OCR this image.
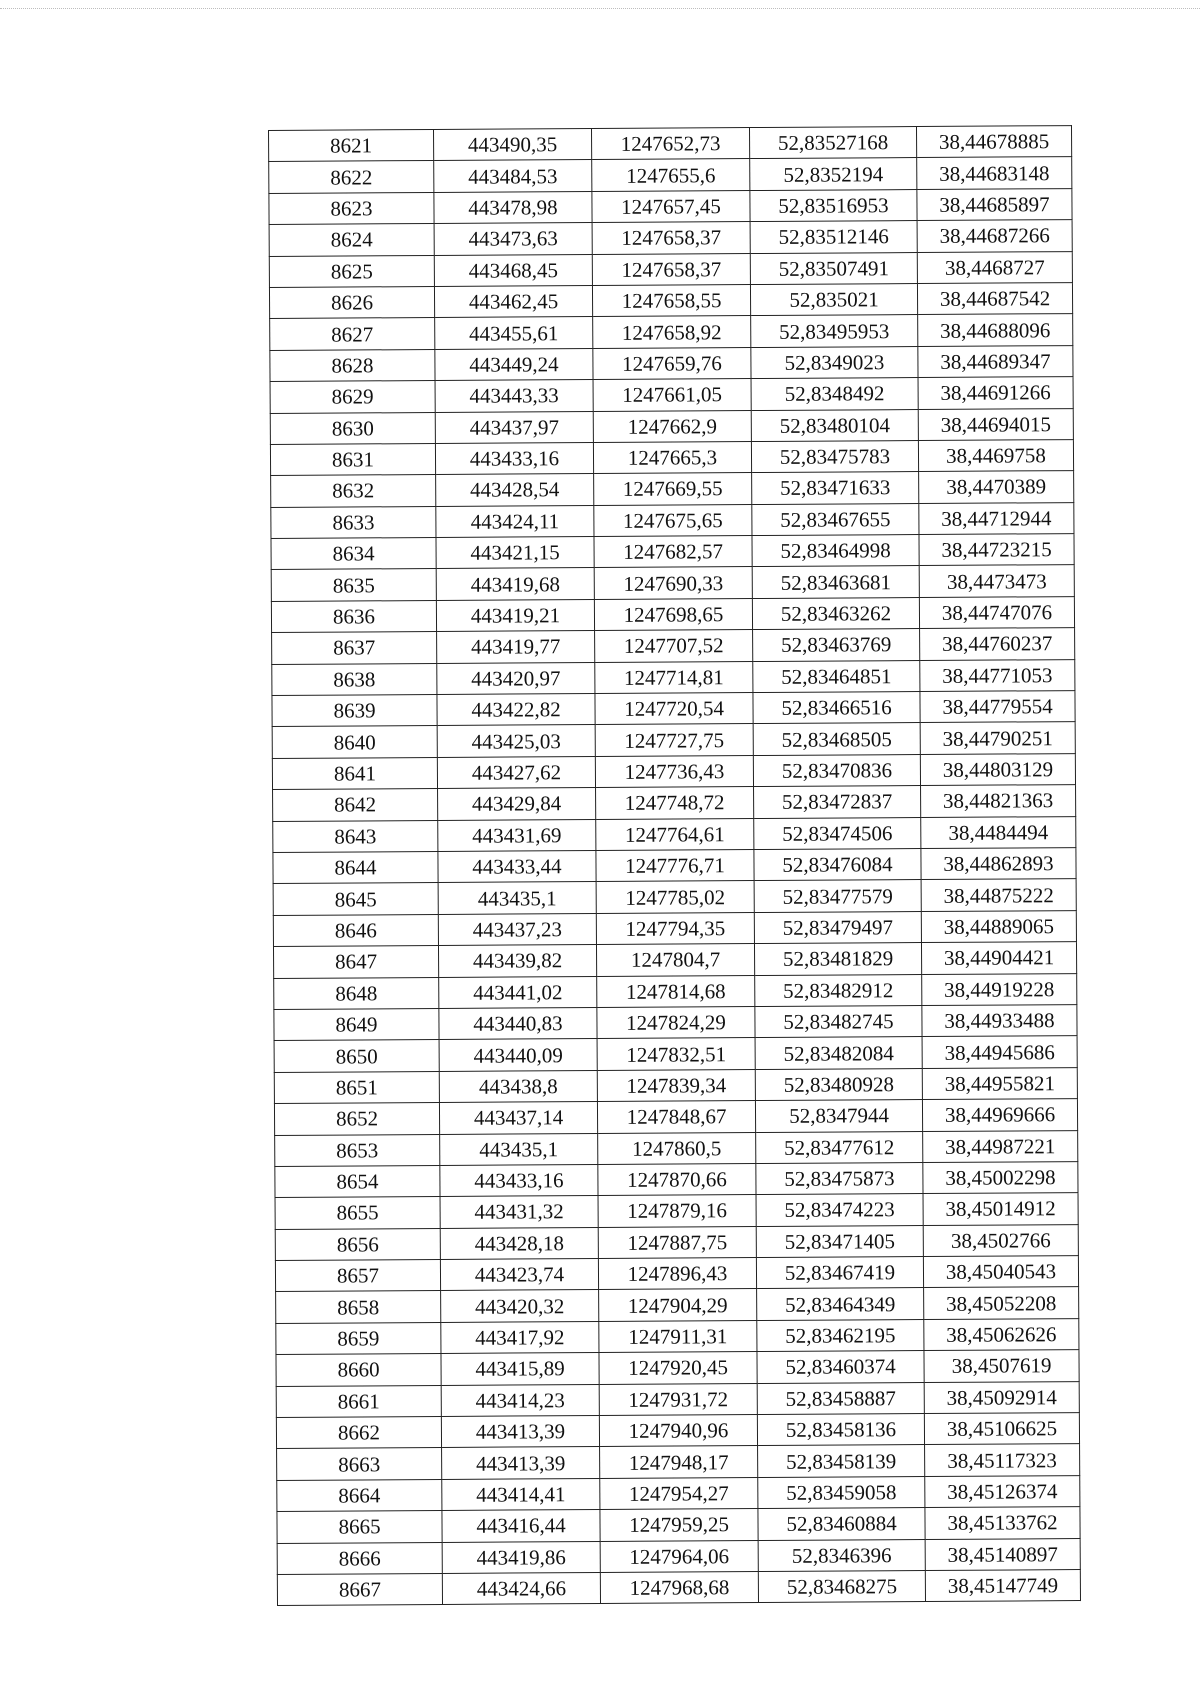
8621	443490,35	1247652,73	52,83527168	38,44678885
8622	443484,53	1247655,6	52,8352194	38,44683148
8623	443478,98	1247657,45	52,83516953	38,44685897
8624	443473,63	1247658,37	52,83512146	38,44687266
8625	443468,45	1247658,37	52,83507491	38,4468727
8626	443462,45	1247658,55	52,835021	38,44687542
8627	443455,61	1247658,92	52,83495953	38,44688096
8628	443449,24	1247659,76	52,8349023	38,44689347
8629	443443,33	1247661,05	52,8348492	38,44691266
8630	443437,97	1247662,9	52,83480104	38,44694015
8631	443433,16	1247665,3	52,83475783	38,4469758
8632	443428,54	1247669,55	52,83471633	38,4470389
8633	443424,11	1247675,65	52,83467655	38,44712944
8634	443421,15	1247682,57	52,83464998	38,44723215
8635	443419,68	1247690,33	52,83463681	38,4473473
8636	443419,21	1247698,65	52,83463262	38,44747076
8637	443419,77	1247707,52	52,83463769	38,44760237
8638	443420,97	1247714,81	52,83464851	38,44771053
8639	443422,82	1247720,54	52,83466516	38,44779554
8640	443425,03	1247727,75	52,83468505	38,44790251
8641	443427,62	1247736,43	52,83470836	38,44803129
8642	443429,84	1247748,72	52,83472837	38,44821363
8643	443431,69	1247764,61	52,83474506	38,4484494
8644	443433,44	1247776,71	52,83476084	38,44862893
8645	443435,1	1247785,02	52,83477579	38,44875222
8646	443437,23	1247794,35	52,83479497	38,44889065
8647	443439,82	1247804,7	52,83481829	38,44904421
8648	443441,02	1247814,68	52,83482912	38,44919228
8649	443440,83	1247824,29	52,83482745	38,44933488
8650	443440,09	1247832,51	52,83482084	38,44945686
8651	443438,8	1247839,34	52,83480928	38,44955821
8652	443437,14	1247848,67	52,8347944	38,44969666
8653	443435,1	1247860,5	52,83477612	38,44987221
8654	443433,16	1247870,66	52,83475873	38,45002298
8655	443431,32	1247879,16	52,83474223	38,45014912
8656	443428,18	1247887,75	52,83471405	38,4502766
8657	443423,74	1247896,43	52,83467419	38,45040543
8658	443420,32	1247904,29	52,83464349	38,45052208
8659	443417,92	1247911,31	52,83462195	38,45062626
8660	443415,89	1247920,45	52,83460374	38,4507619
8661	443414,23	1247931,72	52,83458887	38,45092914
8662	443413,39	1247940,96	52,83458136	38,45106625
8663	443413,39	1247948,17	52,83458139	38,45117323
8664	443414,41	1247954,27	52,83459058	38,45126374
8665	443416,44	1247959,25	52,83460884	38,45133762
8666	443419,86	1247964,06	52,8346396	38,45140897
8667	443424,66	1247968,68	52,83468275	38,45147749
